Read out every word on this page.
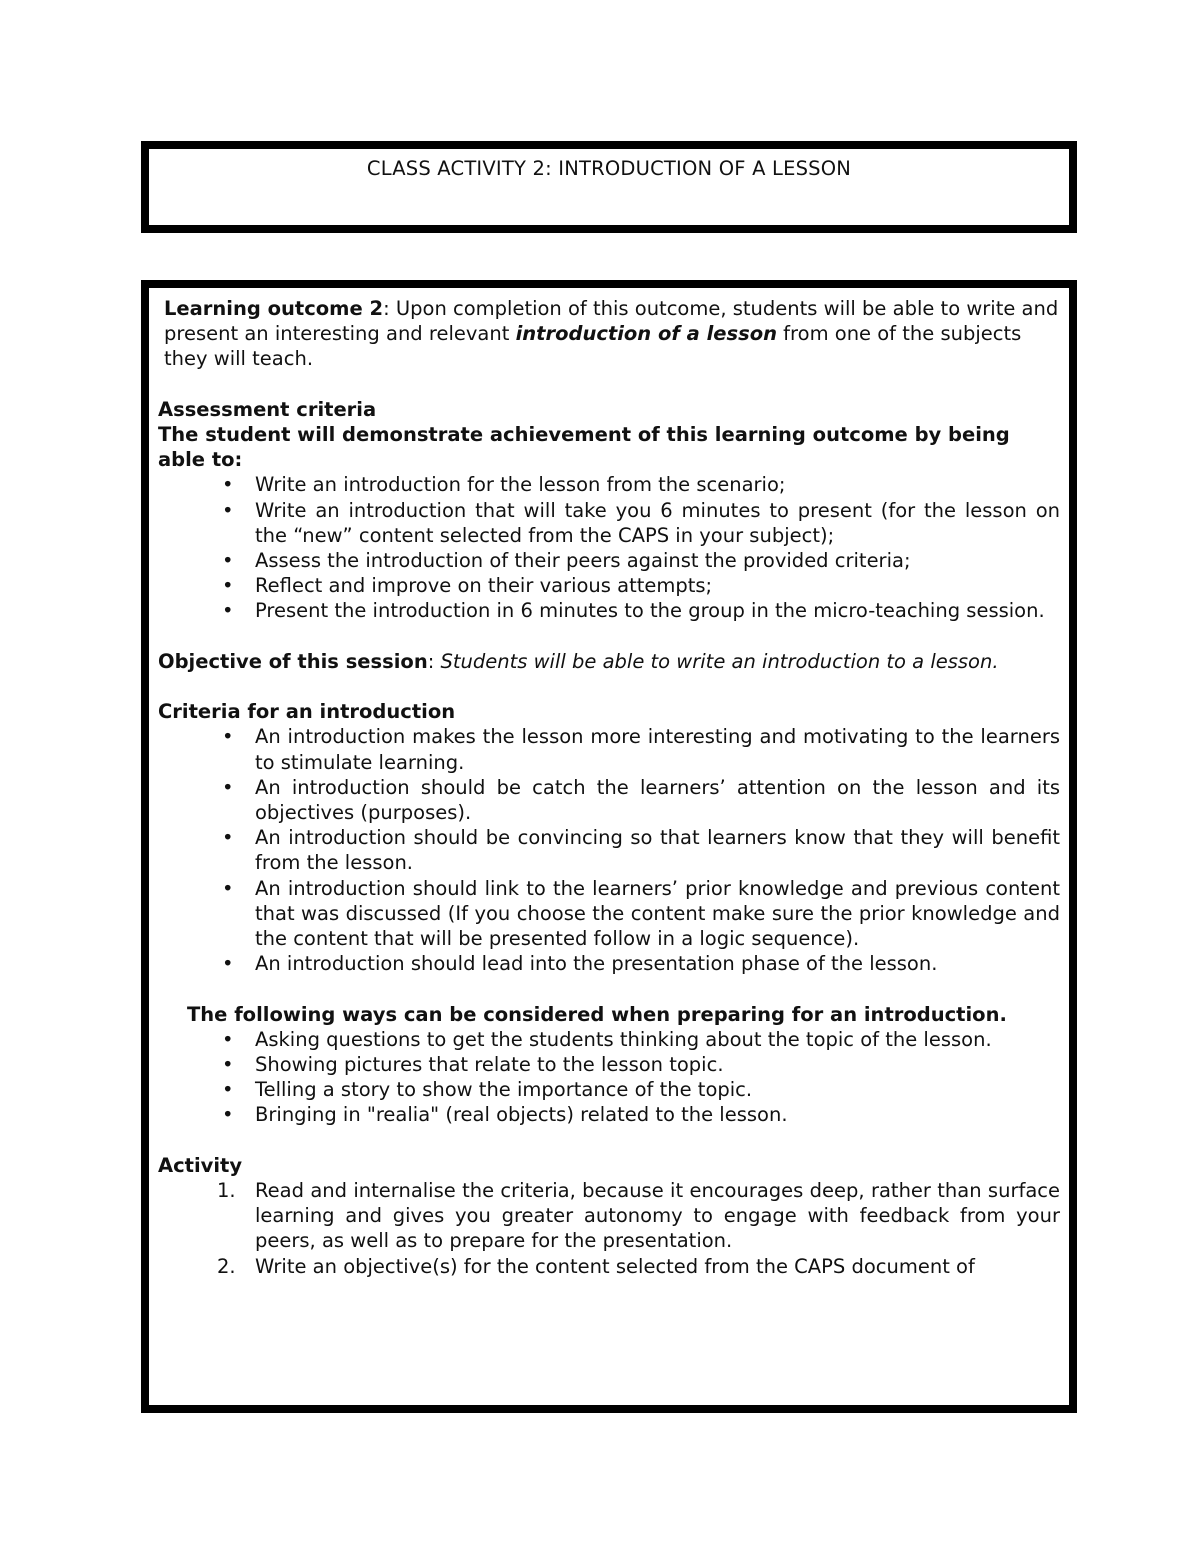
CLASS ACTIVITY 2: INTRODUCTION OF A LESSON

Learning outcome 2: Upon completion of this outcome, students will be able to write and present an interesting and relevant introduction of a lesson from one of the subjects they will teach.

Assessment criteria

The student will demonstrate achievement of this learning outcome by being able to:

• Write an introduction for the lesson from the scenario;
• Write an introduction that will take you 6 minutes to present (for the lesson on the “new” content selected from the CAPS in your subject);
• Assess the introduction of their peers against the provided criteria;
• Reflect and improve on their various attempts;
• Present the introduction in 6 minutes to the group in the micro-teaching session.

Objective of this session: Students will be able to write an introduction to a lesson.

Criteria for an introduction

• An introduction makes the lesson more interesting and motivating to the learners to stimulate learning.
• An introduction should be catch the learners’ attention on the lesson and its objectives (purposes).
• An introduction should be convincing so that learners know that they will benefit from the lesson.
• An introduction should link to the learners’ prior knowledge and previous content that was discussed (If you choose the content make sure the prior knowledge and the content that will be presented follow in a logic sequence).
• An introduction should lead into the presentation phase of the lesson.

The following ways can be considered when preparing for an introduction.

• Asking questions to get the students thinking about the topic of the lesson.
• Showing pictures that relate to the lesson topic.
• Telling a story to show the importance of the topic.
• Bringing in "realia" (real objects) related to the lesson.

Activity

1. Read and internalise the criteria, because it encourages deep, rather than surface learning and gives you greater autonomy to engage with feedback from your peers, as well as to prepare for the presentation.
2. Write an objective(s) for the content selected from the CAPS document of
